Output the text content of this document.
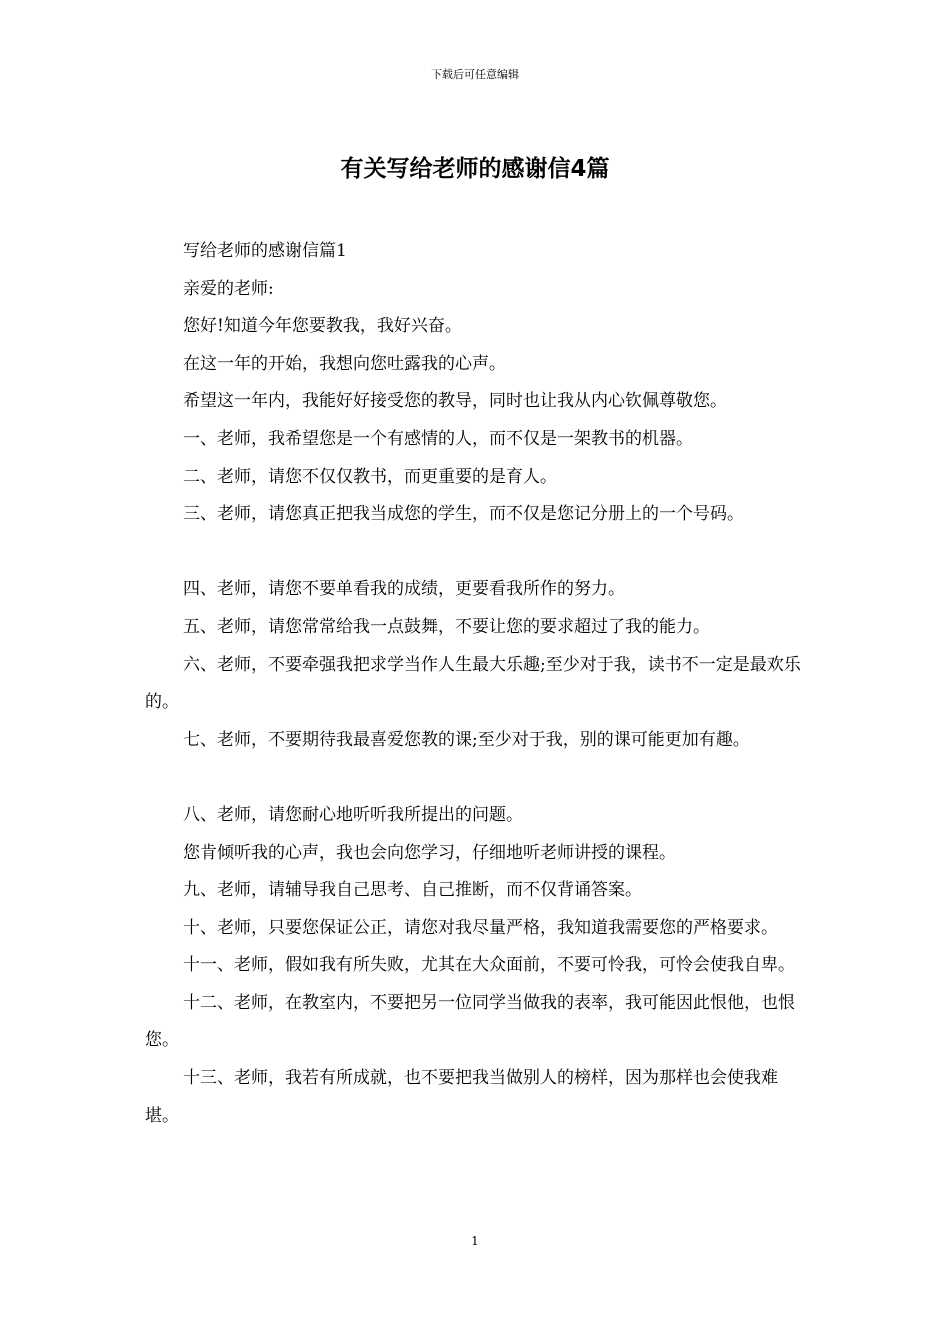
下载后可任意编辑
有关写给老师的感谢信4篇

写给老师的感谢信篇1

亲爱的老师:

您好!知道今年您要教我，我好兴奋。

在这一年的开始，我想向您吐露我的心声。

希望这一年内，我能好好接受您的教导，同时也让我从内心钦佩尊敬您。

一、老师，我希望您是一个有感情的人，而不仅是一架教书的机器。

二、老师，请您不仅仅教书，而更重要的是育人。

三、老师，请您真正把我当成您的学生，而不仅是您记分册上的一个号码。

四、老师，请您不要单看我的成绩，更要看我所作的努力。

五、老师，请您常常给我一点鼓舞，不要让您的要求超过了我的能力。

六、老师，不要牵强我把求学当作人生最大乐趣;至少对于我，读书不一定是最欢乐的。

七、老师，不要期待我最喜爱您教的课;至少对于我，别的课可能更加有趣。

八、老师，请您耐心地听听我所提出的问题。

您肯倾听我的心声，我也会向您学习，仔细地听老师讲授的课程。

九、老师，请辅导我自己思考、自己推断，而不仅背诵答案。

十、老师，只要您保证公正，请您对我尽量严格，我知道我需要您的严格要求。

十一、老师，假如我有所失败，尤其在大众面前，不要可怜我，可怜会使我自卑。

十二、老师，在教室内，不要把另一位同学当做我的表率，我可能因此恨他，也恨您。

十三、老师，我若有所成就，也不要把我当做别人的榜样，因为那样也会使我难堪。

1
